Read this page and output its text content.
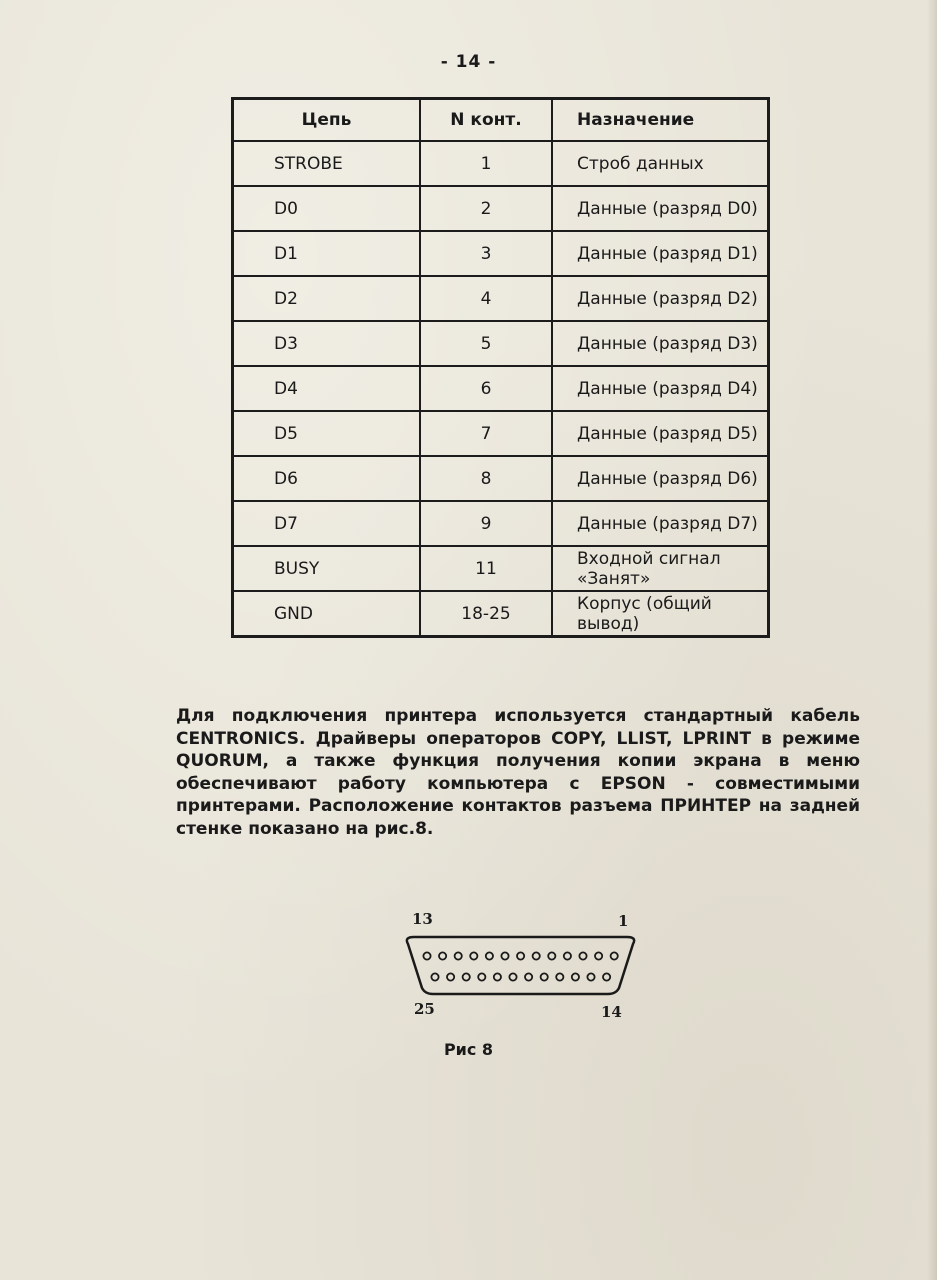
- 14 -
Цепь	N конт.	Назначение
STROBE	1	Строб данных
D0	2	Данные (разряд D0)
D1	3	Данные (разряд D1)
D2	4	Данные (разряд D2)
D3	5	Данные (разряд D3)
D4	6	Данные (разряд D4)
D5	7	Данные (разряд D5)
D6	8	Данные (разряд D6)
D7	9	Данные (разряд D7)
BUSY	11	Входной сигнал «Занят»
GND	18-25	Корпус (общий вывод)
Для подключения принтера используется стандартный кабель CENTRONICS. Драйверы операторов COPY, LLIST, LPRINT в режиме QUORUM, а также функция получения копии экрана в меню обеспечивают работу компьютера с EPSON - совместимыми принтерами. Расположение контактов разъема ПРИНТЕР на задней стенке показано на рис.8.
13	1
25	14
Рис 8
